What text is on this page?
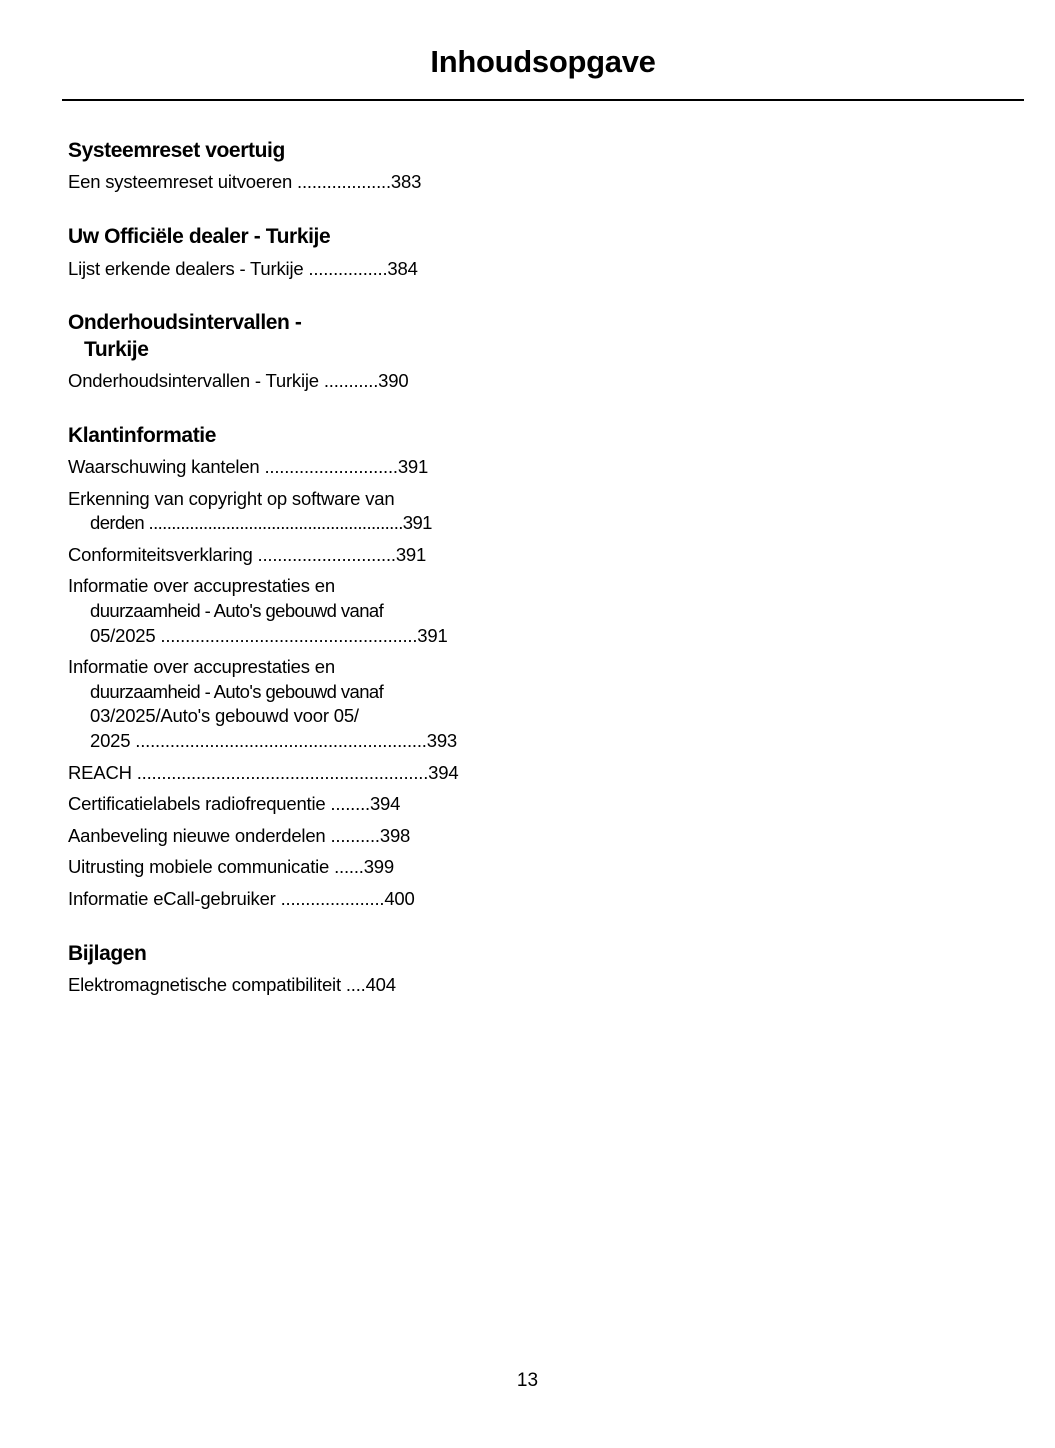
Inhoudsopgave
Systeemreset voertuig
Een systeemreset uitvoeren ...................383
Uw Officiële dealer - Turkije
Lijst erkende dealers - Turkije ................384
Onderhoudsintervallen -
Turkije
Onderhoudsintervallen - Turkije ...........390
Klantinformatie
Waarschuwing kantelen ...........................391
Erkenning van copyright op software van
derden ........................................................391
Conformiteitsverklaring ............................391
Informatie over accuprestaties en
duurzaamheid - Auto's gebouwd vanaf
05/2025 ....................................................391
Informatie over accuprestaties en
duurzaamheid - Auto's gebouwd vanaf
03/2025/Auto's gebouwd voor 05/
2025 ...........................................................393
REACH ...........................................................394
Certificatielabels radiofrequentie ........394
Aanbeveling nieuwe onderdelen ..........398
Uitrusting mobiele communicatie ......399
Informatie eCall-gebruiker .....................400
Bijlagen
Elektromagnetische compatibiliteit ....404
13
